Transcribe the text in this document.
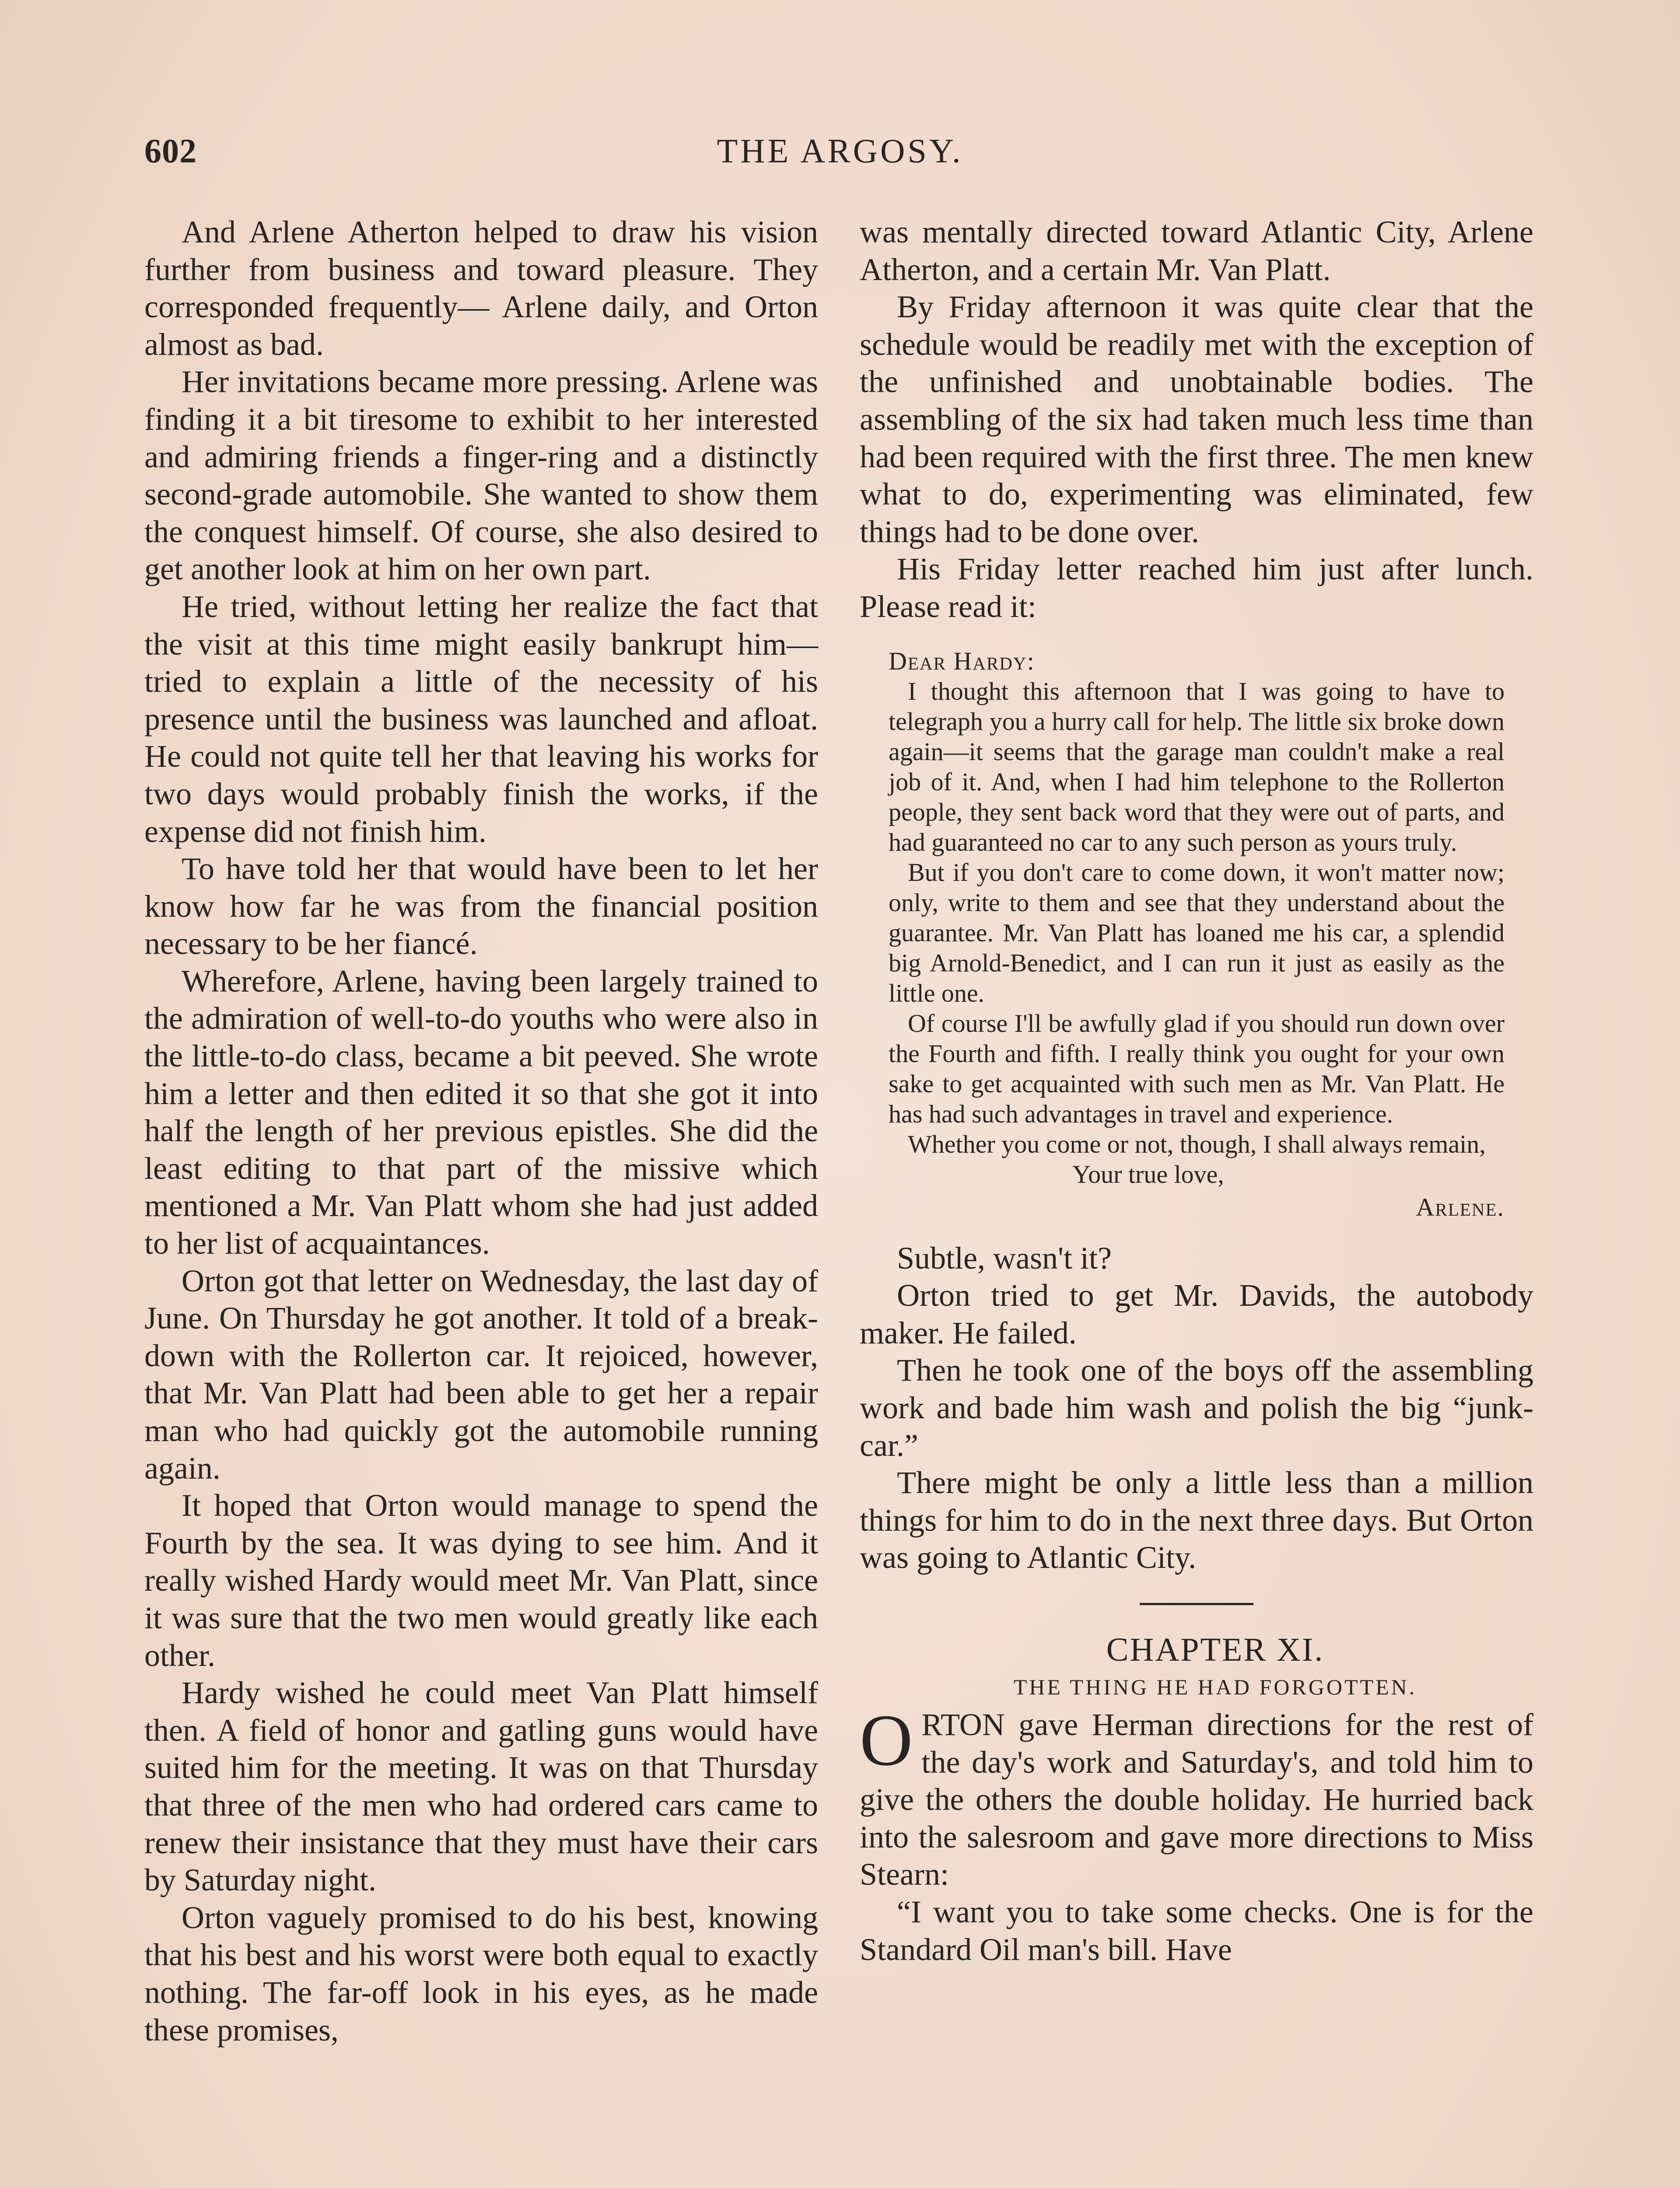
602	THE ARGOSY.

And Arlene Atherton helped to draw his vision further from business and toward pleasure. They corresponded frequently— Arlene daily, and Orton almost as bad.

Her invitations became more pressing. Arlene was finding it a bit tiresome to exhibit to her interested and admiring friends a finger-ring and a distinctly second-grade automobile. She wanted to show them the conquest himself. Of course, she also desired to get another look at him on her own part.

He tried, without letting her realize the fact that the visit at this time might easily bankrupt him—tried to explain a little of the necessity of his presence until the business was launched and afloat. He could not quite tell her that leaving his works for two days would probably finish the works, if the expense did not finish him.

To have told her that would have been to let her know how far he was from the financial position necessary to be her fiancé.

Wherefore, Arlene, having been largely trained to the admiration of well-to-do youths who were also in the little-to-do class, became a bit peeved. She wrote him a letter and then edited it so that she got it into half the length of her previous epistles. She did the least editing to that part of the missive which mentioned a Mr. Van Platt whom she had just added to her list of acquaintances.

Orton got that letter on Wednesday, the last day of June. On Thursday he got another. It told of a break-down with the Rollerton car. It rejoiced, however, that Mr. Van Platt had been able to get her a repair man who had quickly got the automobile running again.

It hoped that Orton would manage to spend the Fourth by the sea. It was dying to see him. And it really wished Hardy would meet Mr. Van Platt, since it was sure that the two men would greatly like each other.

Hardy wished he could meet Van Platt himself then. A field of honor and gatling guns would have suited him for the meeting. It was on that Thursday that three of the men who had ordered cars came to renew their insistance that they must have their cars by Saturday night.

Orton vaguely promised to do his best, knowing that his best and his worst were both equal to exactly nothing. The far-off look in his eyes, as he made these promises,

was mentally directed toward Atlantic City, Arlene Atherton, and a certain Mr. Van Platt.

By Friday afternoon it was quite clear that the schedule would be readily met with the exception of the unfinished and unobtainable bodies. The assembling of the six had taken much less time than had been required with the first three. The men knew what to do, experimenting was eliminated, few things had to be done over.

His Friday letter reached him just after lunch. Please read it:

Dear Hardy:

I thought this afternoon that I was going to have to telegraph you a hurry call for help. The little six broke down again—it seems that the garage man couldn't make a real job of it. And, when I had him telephone to the Rollerton people, they sent back word that they were out of parts, and had guaranteed no car to any such person as yours truly.

But if you don't care to come down, it won't matter now; only, write to them and see that they understand about the guarantee. Mr. Van Platt has loaned me his car, a splendid big Arnold-Benedict, and I can run it just as easily as the little one.

Of course I'll be awfully glad if you should run down over the Fourth and fifth. I really think you ought for your own sake to get acquainted with such men as Mr. Van Platt. He has had such advantages in travel and experience.

Whether you come or not, though, I shall always remain,

Your true love,

Arlene.

Subtle, wasn't it?

Orton tried to get Mr. Davids, the autobody maker. He failed.

Then he took one of the boys off the assembling work and bade him wash and polish the big “junk-car.”

There might be only a little less than a million things for him to do in the next three days. But Orton was going to Atlantic City.

CHAPTER XI.

THE THING HE HAD FORGOTTEN.

ORTON gave Herman directions for the rest of the day's work and Saturday's, and told him to give the others the double holiday. He hurried back into the salesroom and gave more directions to Miss Stearn:

“I want you to take some checks. One is for the Standard Oil man's bill. Have
